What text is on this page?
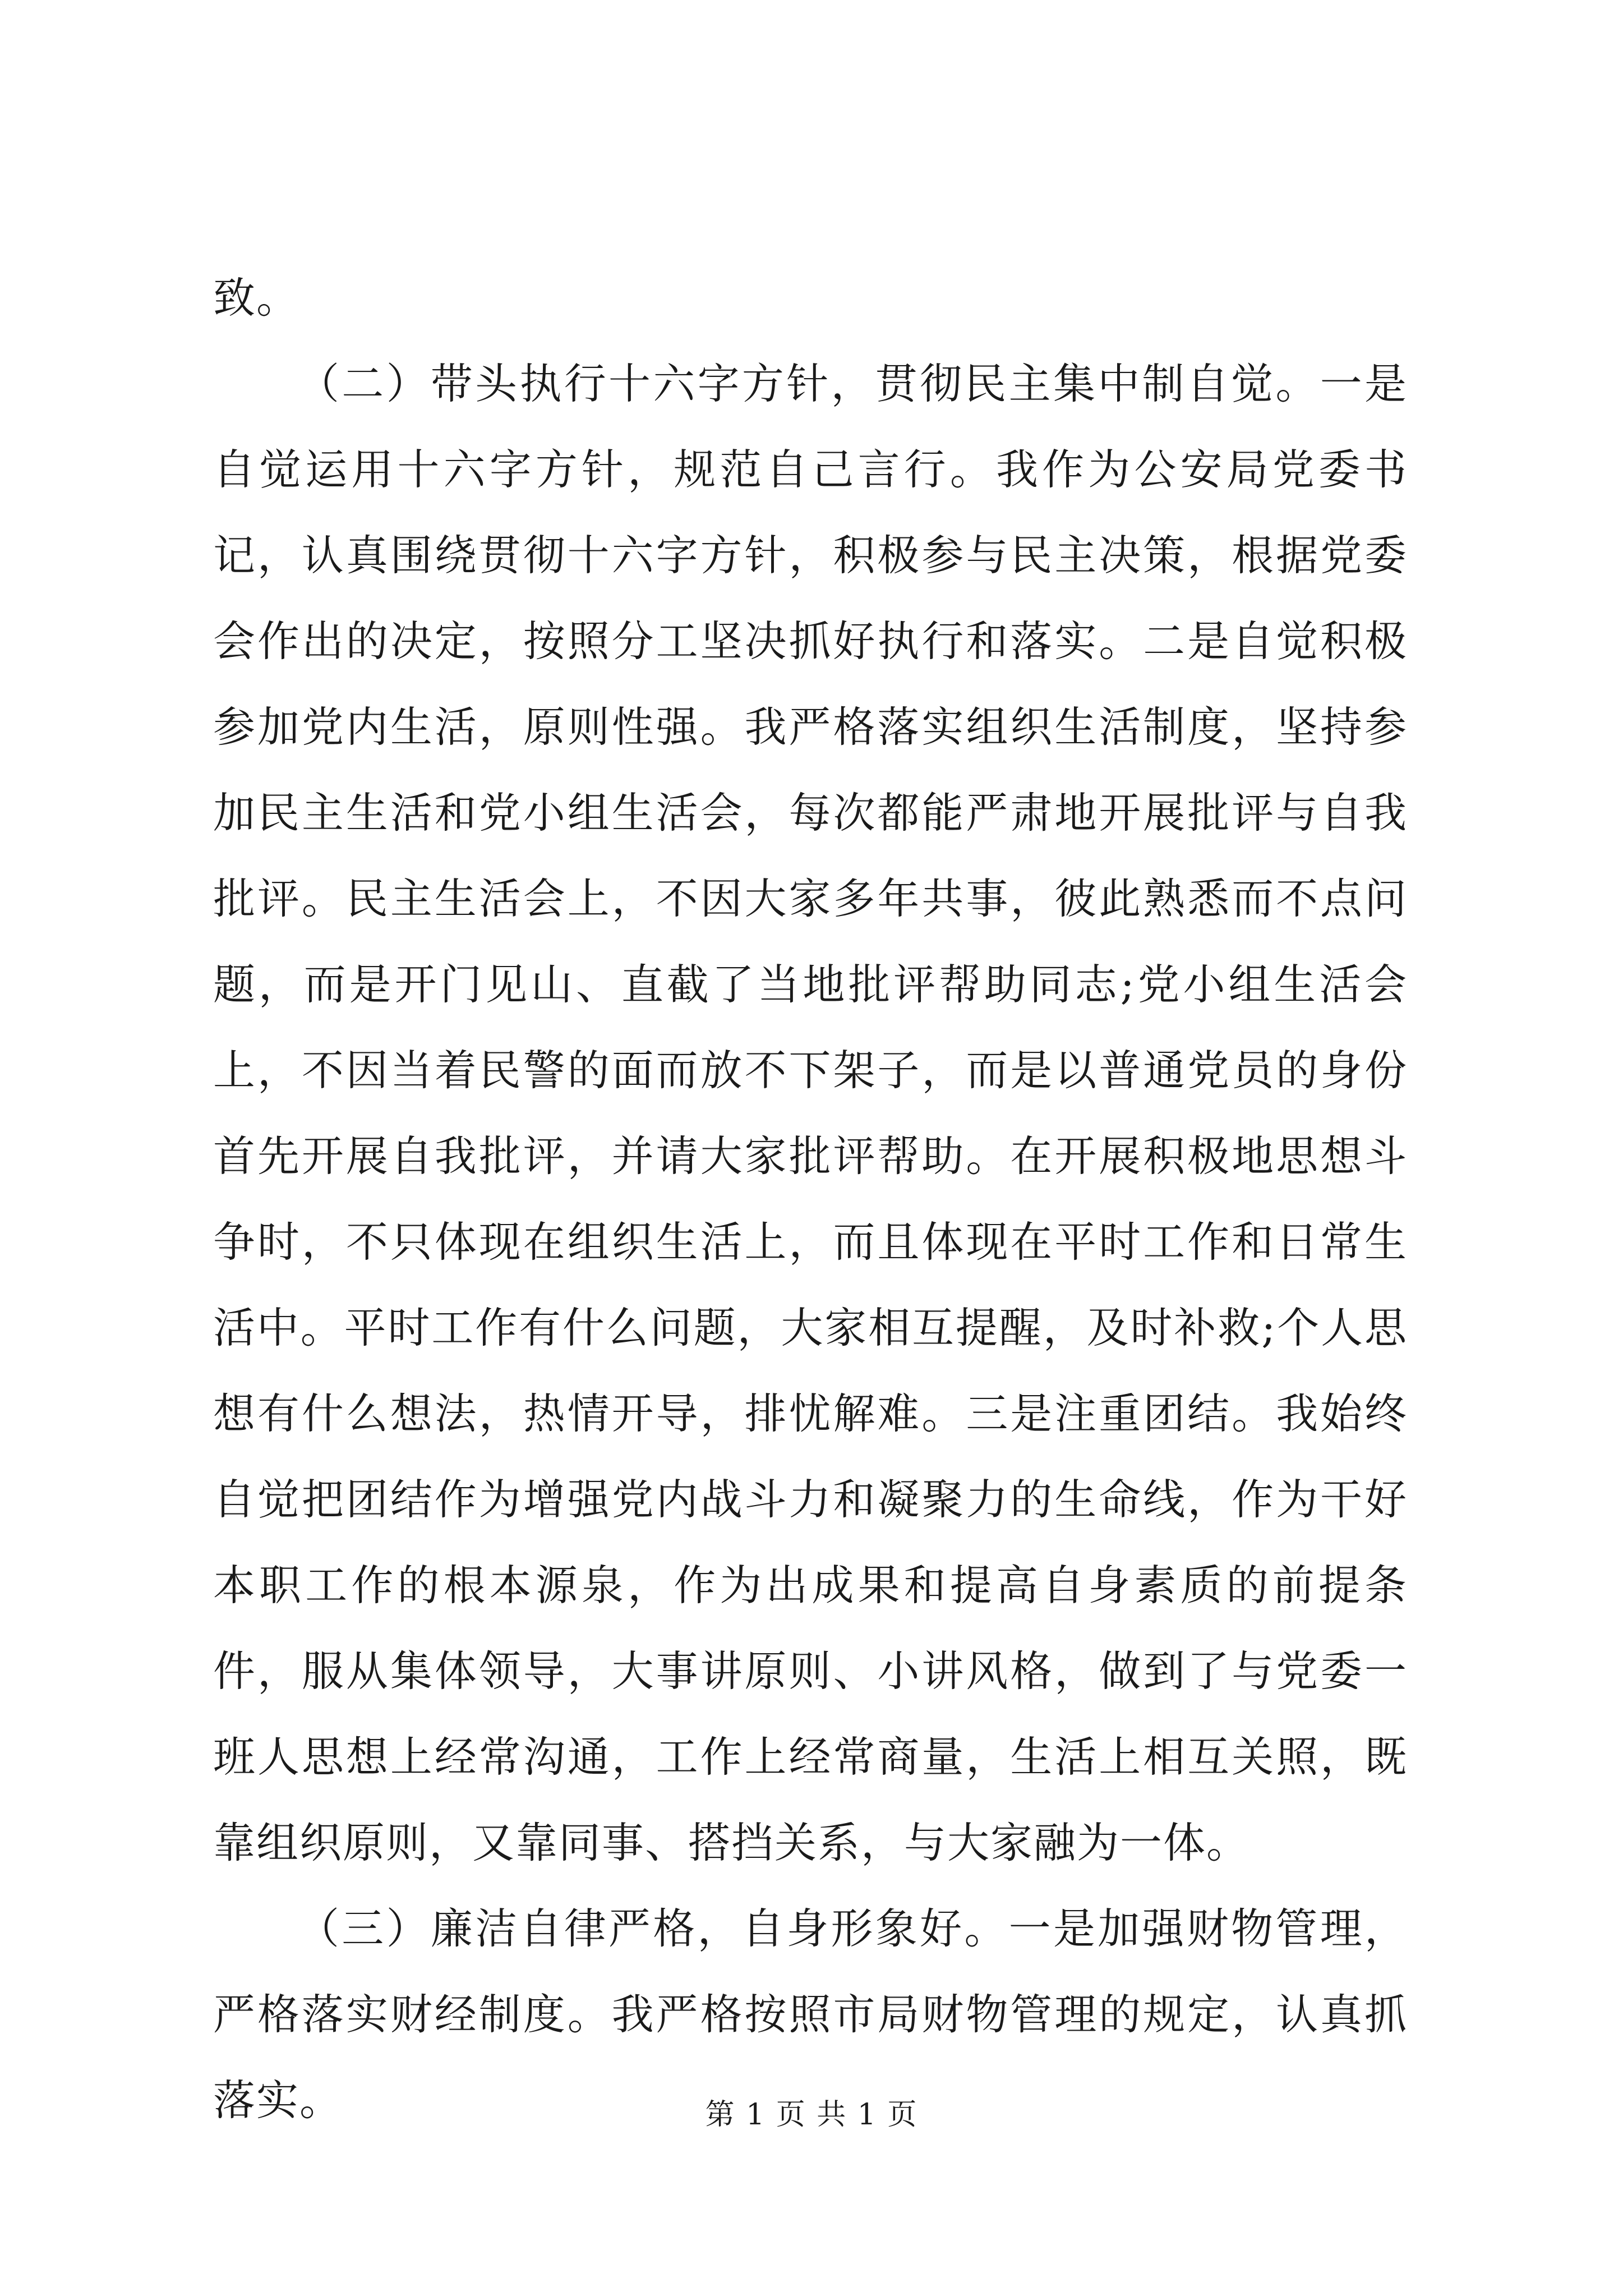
致。

（二）带头执行十六字方针，贯彻民主集中制自觉。一是自觉运用十六字方针，规范自己言行。我作为公安局党委书记，认真围绕贯彻十六字方针，积极参与民主决策，根据党委会作出的决定，按照分工坚决抓好执行和落实。二是自觉积极参加党内生活，原则性强。我严格落实组织生活制度，坚持参加民主生活和党小组生活会，每次都能严肃地开展批评与自我批评。民主生活会上，不因大家多年共事，彼此熟悉而不点问题，而是开门见山、直截了当地批评帮助同志;党小组生活会上，不因当着民警的面而放不下架子，而是以普通党员的身份首先开展自我批评，并请大家批评帮助。在开展积极地思想斗争时，不只体现在组织生活上，而且体现在平时工作和日常生活中。平时工作有什么问题，大家相互提醒，及时补救;个人思想有什么想法，热情开导，排忧解难。三是注重团结。我始终自觉把团结作为增强党内战斗力和凝聚力的生命线，作为干好本职工作的根本源泉，作为出成果和提高自身素质的前提条件，服从集体领导，大事讲原则、小讲风格，做到了与党委一班人思想上经常沟通，工作上经常商量，生活上相互关照，既靠组织原则，又靠同事、搭挡关系，与大家融为一体。

（三）廉洁自律严格，自身形象好。一是加强财物管理，严格落实财经制度。我严格按照市局财物管理的规定，认真抓落实。	第 1 页 共 1 页
